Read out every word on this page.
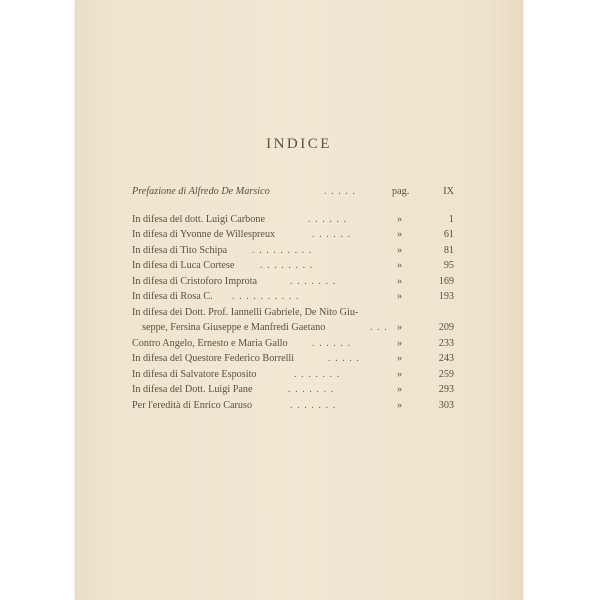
INDICE
Prefazione di Alfredo De Marsico	. . . . .	pag.	IX
In difesa del dott. Luigi Carbone	. . . . . .	»	1
In difesa di Yvonne de Willespreux	. . . . . .	»	61
In difesa di Tito Schipa . . . . . . . . .	»	81
In difesa di Luca Cortese	. . . . . . . .	»	95
In difesa di Cristoforo Improta	. . . . . . .	»	169
In difesa di Rosa C. . . . . . . . . . .	»	193
In difesa dei Dott. Prof. Iannelli Gabriele, De Nito Giu-
seppe, Fersina Giuseppe e Manfredi Gaetano	. . . »	209
Contro Angelo, Ernesto e Maria Gallo . . . . . .	»	233
In difesa del Questore Federico Borrelli	. . . . .	»	243
In difesa di Salvatore Esposito	. . . . . . .	»	259
In difesa del Dott. Luigi Pane	. . . . . . .	»	293
Per l'eredità di Enrico Caruso	. . . . . . .	»	303
